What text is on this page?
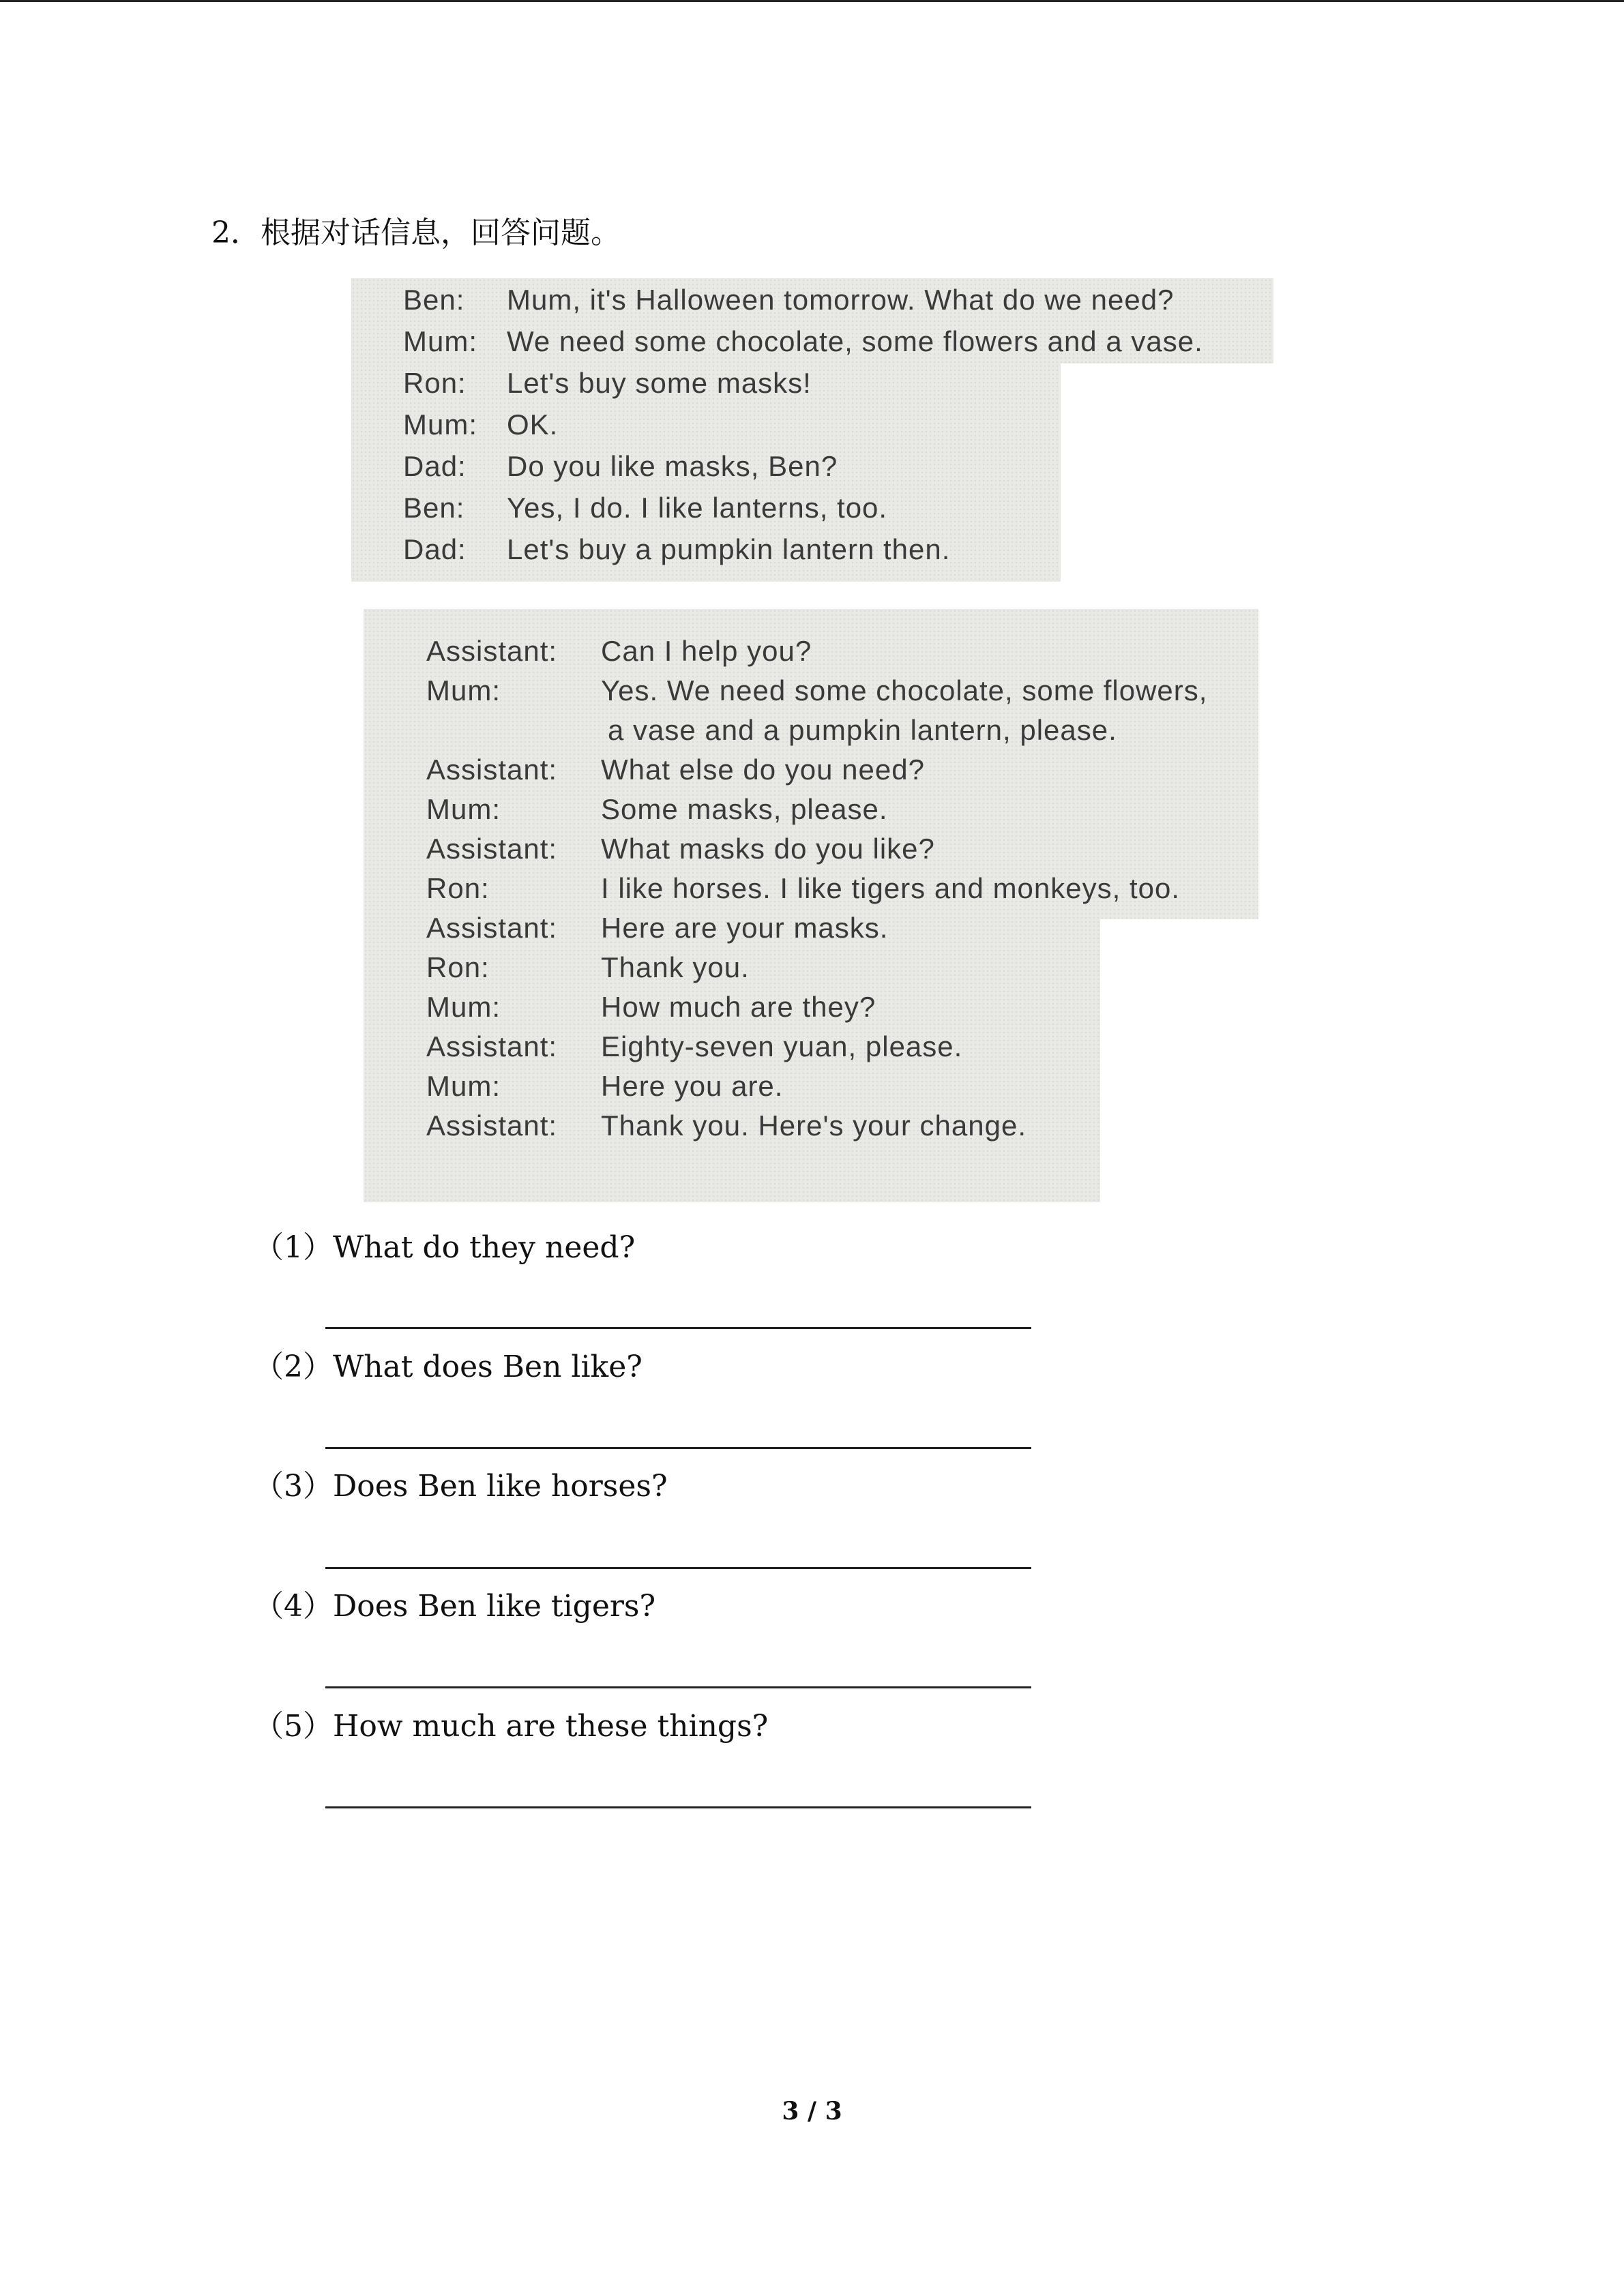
2．根据对话信息，回答问题。
Ben: Mum, it's Halloween tomorrow. What do we need?
Mum: We need some chocolate, some flowers and a vase.
Ron: Let's buy some masks!
Mum: OK.
Dad: Do you like masks, Ben?
Ben: Yes, I do. I like lanterns, too.
Dad: Let's buy a pumpkin lantern then.
Assistant: Can I help you?
Mum:	Yes. We need some chocolate, some flowers,
a vase and a pumpkin lantern, please.
Assistant: What else do you need?
Mum:	Some masks, please.
Assistant: What masks do you like?
Ron:	I like horses. I like tigers and monkeys, too.
Assistant: Here are your masks.
Ron:	Thank you.
Mum:	How much are they?
Assistant: Eighty-seven yuan, please.
Mum:	Here you are.
Assistant: Thank you. Here's your change.
（1）What do they need?
（2）What does Ben like?
（3）Does Ben like horses?
（4）Does Ben like tigers?
（5）How much are these things?
3 / 3
